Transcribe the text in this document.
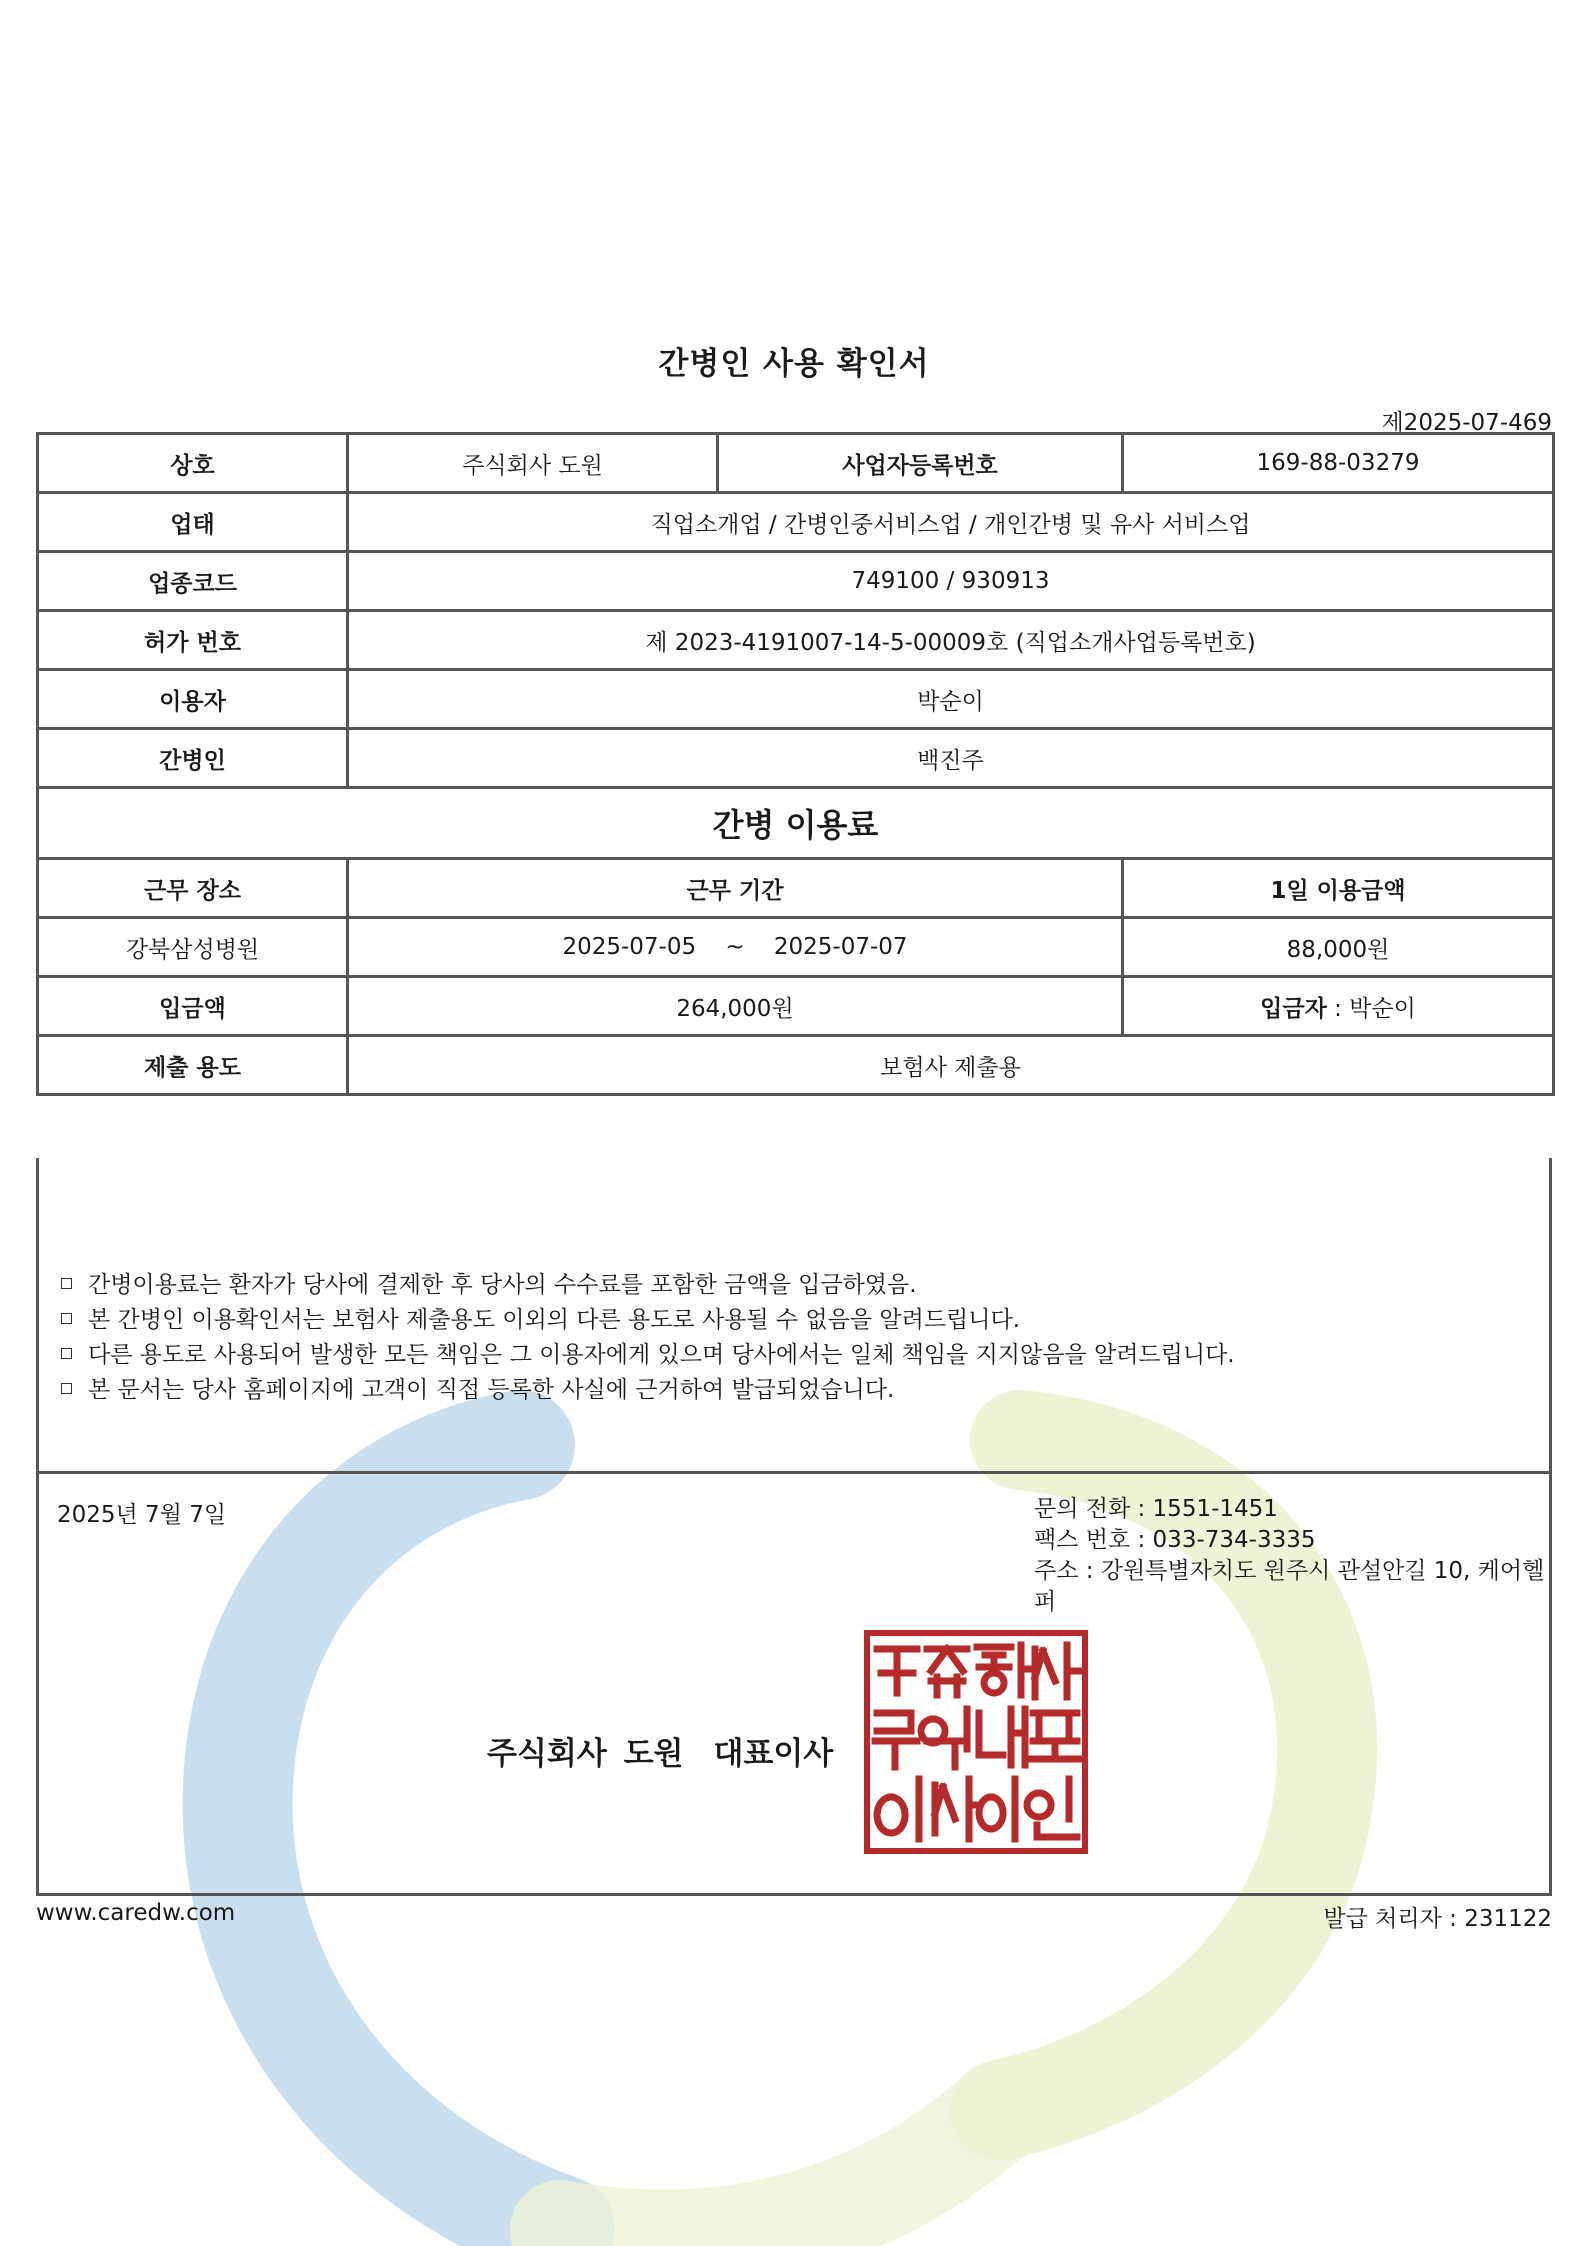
간병인 사용 확인서
제2025-07-469
상호	주식회사 도원	사업자등록번호	169-88-03279
업태	직업소개업 / 간병인중서비스업 / 개인간병 및 유사 서비스업		
업종코드	749100 / 930913		
허가 번호	제 2023-4191007-14-5-00009호 (직업소개사업등록번호)		
이용자	박순이		
간병인	백진주		
간병 이용료			
근무 장소	근무 기간		1일 이용금액
강북삼성병원	2025-07-05 ~ 2025-07-07		88,000원
입금액	264,000원		입금자 : 박순이
제출 용도	보험사 제출용		
간병이용료는 환자가 당사에 결제한 후 당사의 수수료를 포함한 금액을 입금하였음.
본 간병인 이용확인서는 보험사 제출용도 이외의 다른 용도로 사용될 수 없음을 알려드립니다.
다른 용도로 사용되어 발생한 모든 책임은 그 이용자에게 있으며 당사에서는 일체 책임을 지지않음을 알려드립니다.
본 문서는 당사 홈페이지에 고객이 직접 등록한 사실에 근거하여 발급되었습니다.
2025년 7월 7일	문의 전화 : 1551-1451
팩스 번호 : 033-734-3335
주소 : 강원특별자치도 원주시 관설안길 10, 케어헬퍼
주식회사 도원 대표이사
www.caredw.com	발급 처리자 : 231122
